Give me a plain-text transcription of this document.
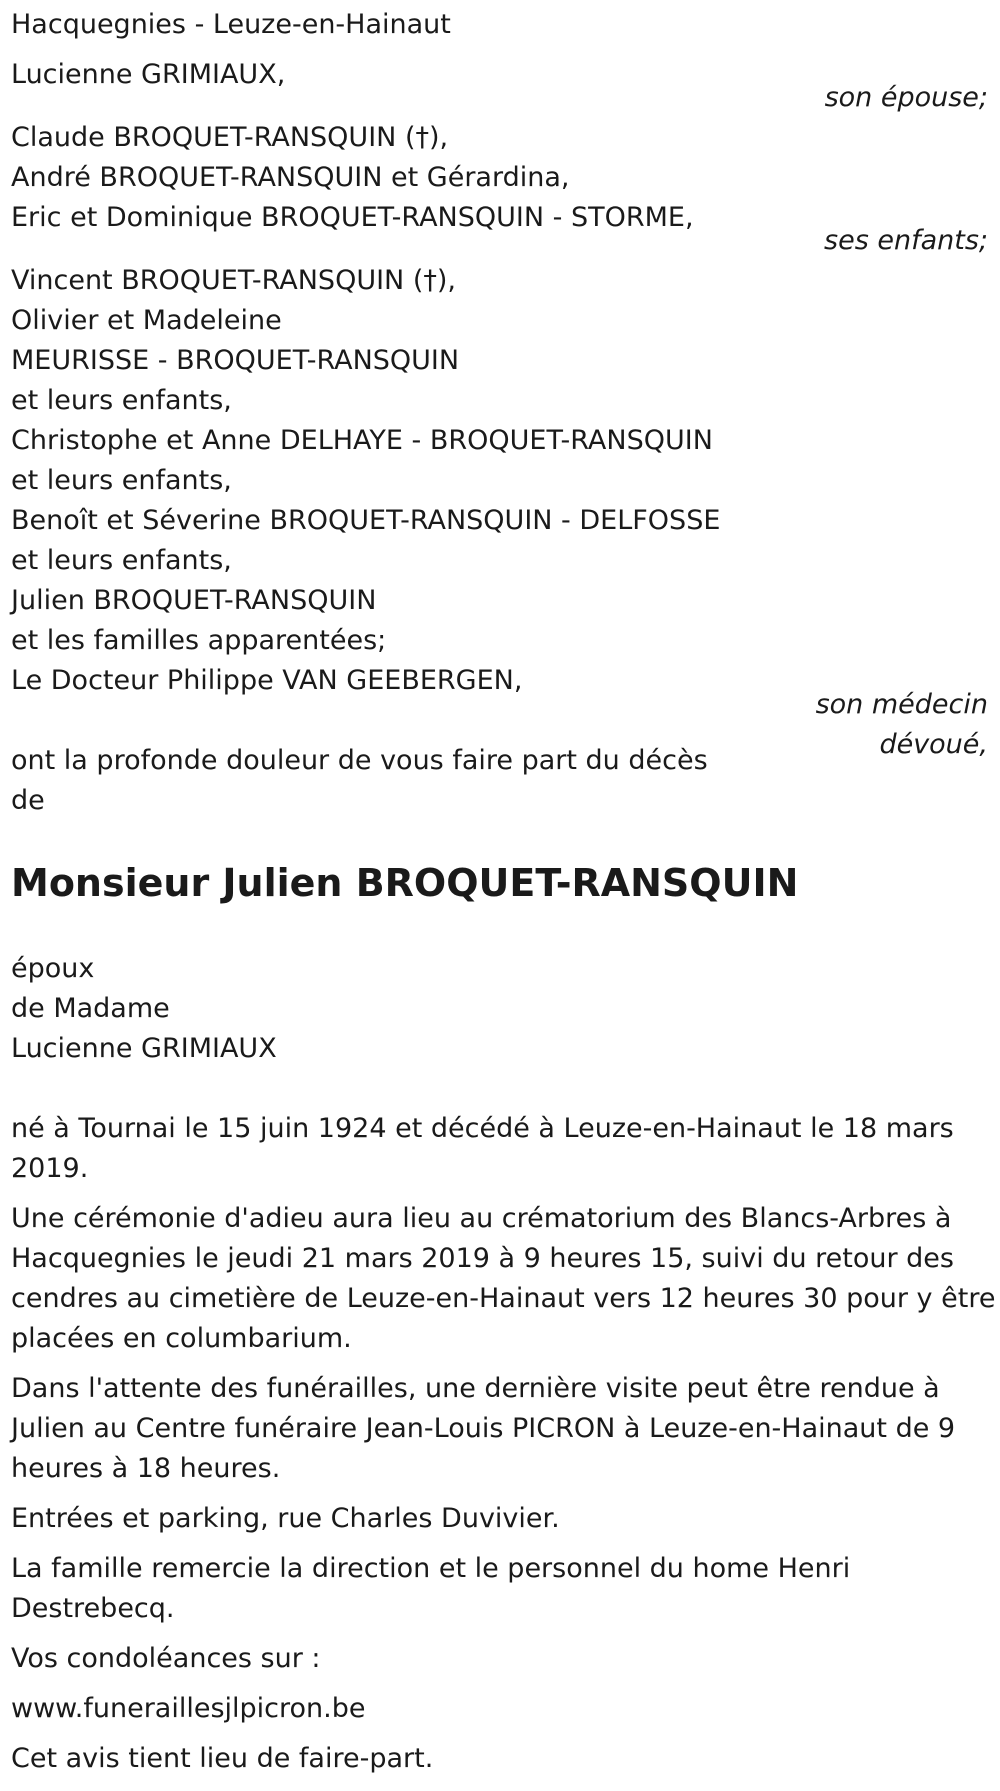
Hacquegnies - Leuze-en-Hainaut
Lucienne GRIMIAUX,
son épouse;
Claude BROQUET-RANSQUIN (†),
André BROQUET-RANSQUIN et Gérardina,
Eric et Dominique BROQUET-RANSQUIN - STORME,
ses enfants;
Vincent BROQUET-RANSQUIN (†),
Olivier et Madeleine
MEURISSE - BROQUET-RANSQUIN
et leurs enfants,
Christophe et Anne DELHAYE - BROQUET-RANSQUIN
et leurs enfants,
Benoît et Séverine BROQUET-RANSQUIN - DELFOSSE
et leurs enfants,
Julien BROQUET-RANSQUIN
et les familles apparentées;
Le Docteur Philippe VAN GEEBERGEN,
son médecin
dévoué,
ont la profonde douleur de vous faire part du décès
de
Monsieur Julien BROQUET-RANSQUIN
époux
de Madame
Lucienne GRIMIAUX
né à Tournai le 15 juin 1924 et décédé à Leuze-en-Hainaut le 18 mars
2019.
Une cérémonie d'adieu aura lieu au crématorium des Blancs-Arbres à
Hacquegnies le jeudi 21 mars 2019 à 9 heures 15, suivi du retour des
cendres au cimetière de Leuze-en-Hainaut vers 12 heures 30 pour y être
placées en columbarium.
Dans l'attente des funérailles, une dernière visite peut être rendue à
Julien au Centre funéraire Jean-Louis PICRON à Leuze-en-Hainaut de 9
heures à 18 heures.
Entrées et parking, rue Charles Duvivier.
La famille remercie la direction et le personnel du home Henri
Destrebecq.
Vos condoléances sur :
www.funeraillesjlpicron.be
Cet avis tient lieu de faire-part.
